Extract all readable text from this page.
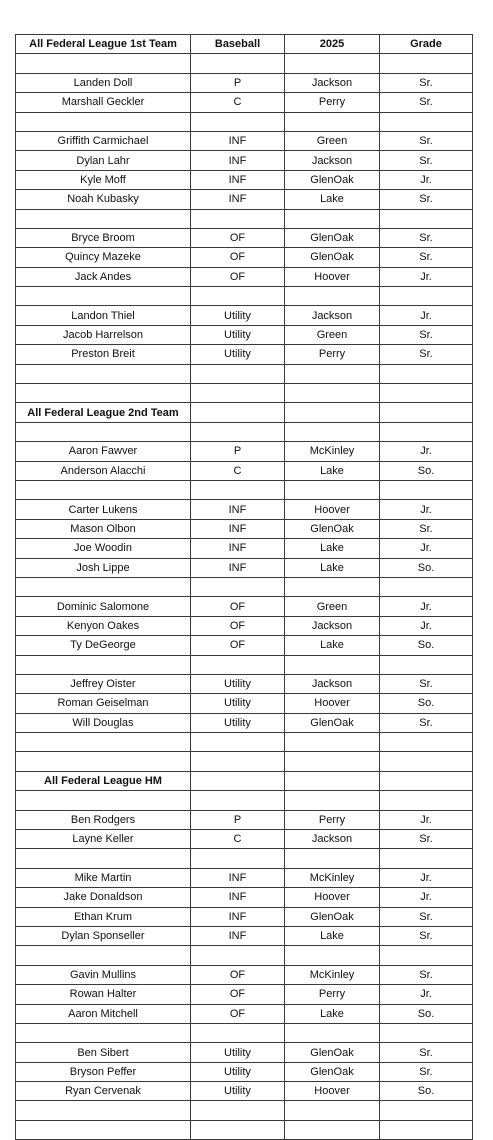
All Federal League 1st Team	Baseball	2025	Grade

Landen Doll	P	Jackson	Sr.
Marshall Geckler	C	Perry	Sr.

Griffith Carmichael	INF	Green	Sr.
Dylan Lahr	INF	Jackson	Sr.
Kyle Moff	INF	GlenOak	Jr.
Noah Kubasky	INF	Lake	Sr.

Bryce Broom	OF	GlenOak	Sr.
Quincy Mazeke	OF	GlenOak	Sr.
Jack Andes	OF	Hoover	Jr.

Landon Thiel	Utility	Jackson	Jr.
Jacob Harrelson	Utility	Green	Sr.
Preston Breit	Utility	Perry	Sr.

All Federal League 2nd Team			

Aaron Fawver	P	McKinley	Jr.
Anderson Alacchi	C	Lake	So.

Carter Lukens	INF	Hoover	Jr.
Mason Olbon	INF	GlenOak	Sr.
Joe Woodin	INF	Lake	Jr.
Josh Lippe	INF	Lake	So.

Dominic Salomone	OF	Green	Jr.
Kenyon Oakes	OF	Jackson	Jr.
Ty DeGeorge	OF	Lake	So.

Jeffrey Oister	Utility	Jackson	Sr.
Roman Geiselman	Utility	Hoover	So.
Will Douglas	Utility	GlenOak	Sr.

All Federal League HM			

Ben Rodgers	P	Perry	Jr.
Layne Keller	C	Jackson	Sr.

Mike Martin	INF	McKinley	Jr.
Jake Donaldson	INF	Hoover	Jr.
Ethan Krum	INF	GlenOak	Sr.
Dylan Sponseller	INF	Lake	Sr.

Gavin Mullins	OF	McKinley	Sr.
Rowan Halter	OF	Perry	Jr.
Aaron Mitchell	OF	Lake	So.

Ben Sibert	Utility	GlenOak	Sr.
Bryson Peffer	Utility	GlenOak	Sr.
Ryan Cervenak	Utility	Hoover	So.
